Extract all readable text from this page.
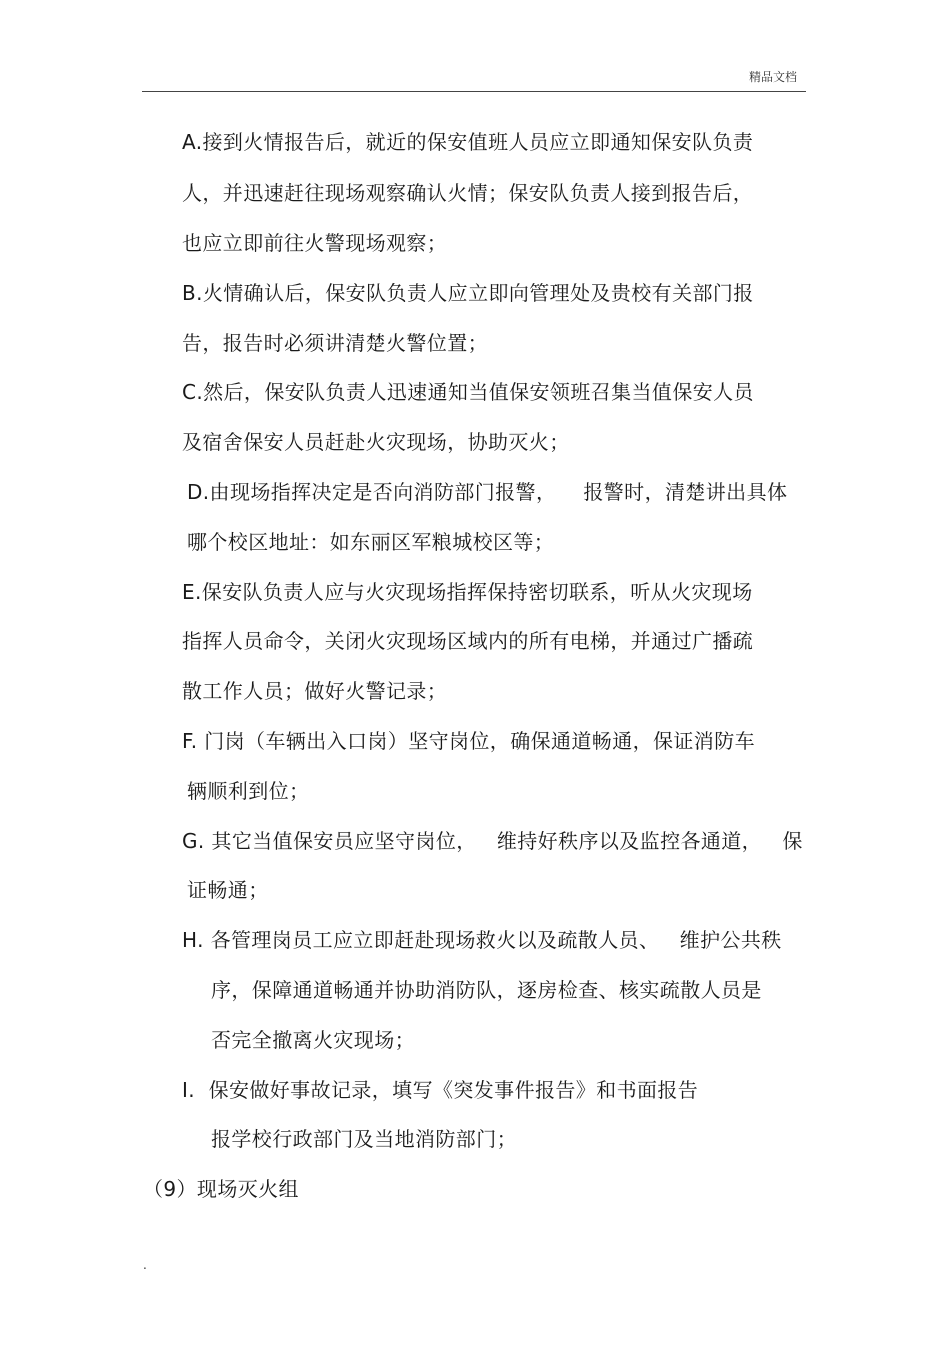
精品文档
A.接到火情报告后，就近的保安值班人员应立即通知保安队负责
人，并迅速赶往现场观察确认火情；保安队负责人接到报告后，
也应立即前往火警现场观察；
B.火情确认后，保安队负责人应立即向管理处及贵校有关部门报
告，报告时必须讲清楚火警位置；
C.然后，保安队负责人迅速通知当值保安领班召集当值保安人员
及宿舍保安人员赶赴火灾现场，协助灭火；
D.由现场指挥决定是否向消防部门报警，    报警时，清楚讲出具体
哪个校区地址：如东丽区军粮城校区等；
E.保安队负责人应与火灾现场指挥保持密切联系，听从火灾现场
指挥人员命令，关闭火灾现场区域内的所有电梯，并通过广播疏
散工作人员；做好火警记录；
F. 门岗（车辆出入口岗）坚守岗位，确保通道畅通，保证消防车
辆顺利到位；
G. 其它当值保安员应坚守岗位，   维持好秩序以及监控各通道，   保
证畅通；
H. 各管理岗员工应立即赶赴现场救火以及疏散人员、   维护公共秩
序，保障通道畅通并协助消防队，逐房检查、核实疏散人员是
否完全撤离火灾现场；
I.  保安做好事故记录，填写《突发事件报告》和书面报告
报学校行政部门及当地消防部门；
（9）现场灭火组
.
